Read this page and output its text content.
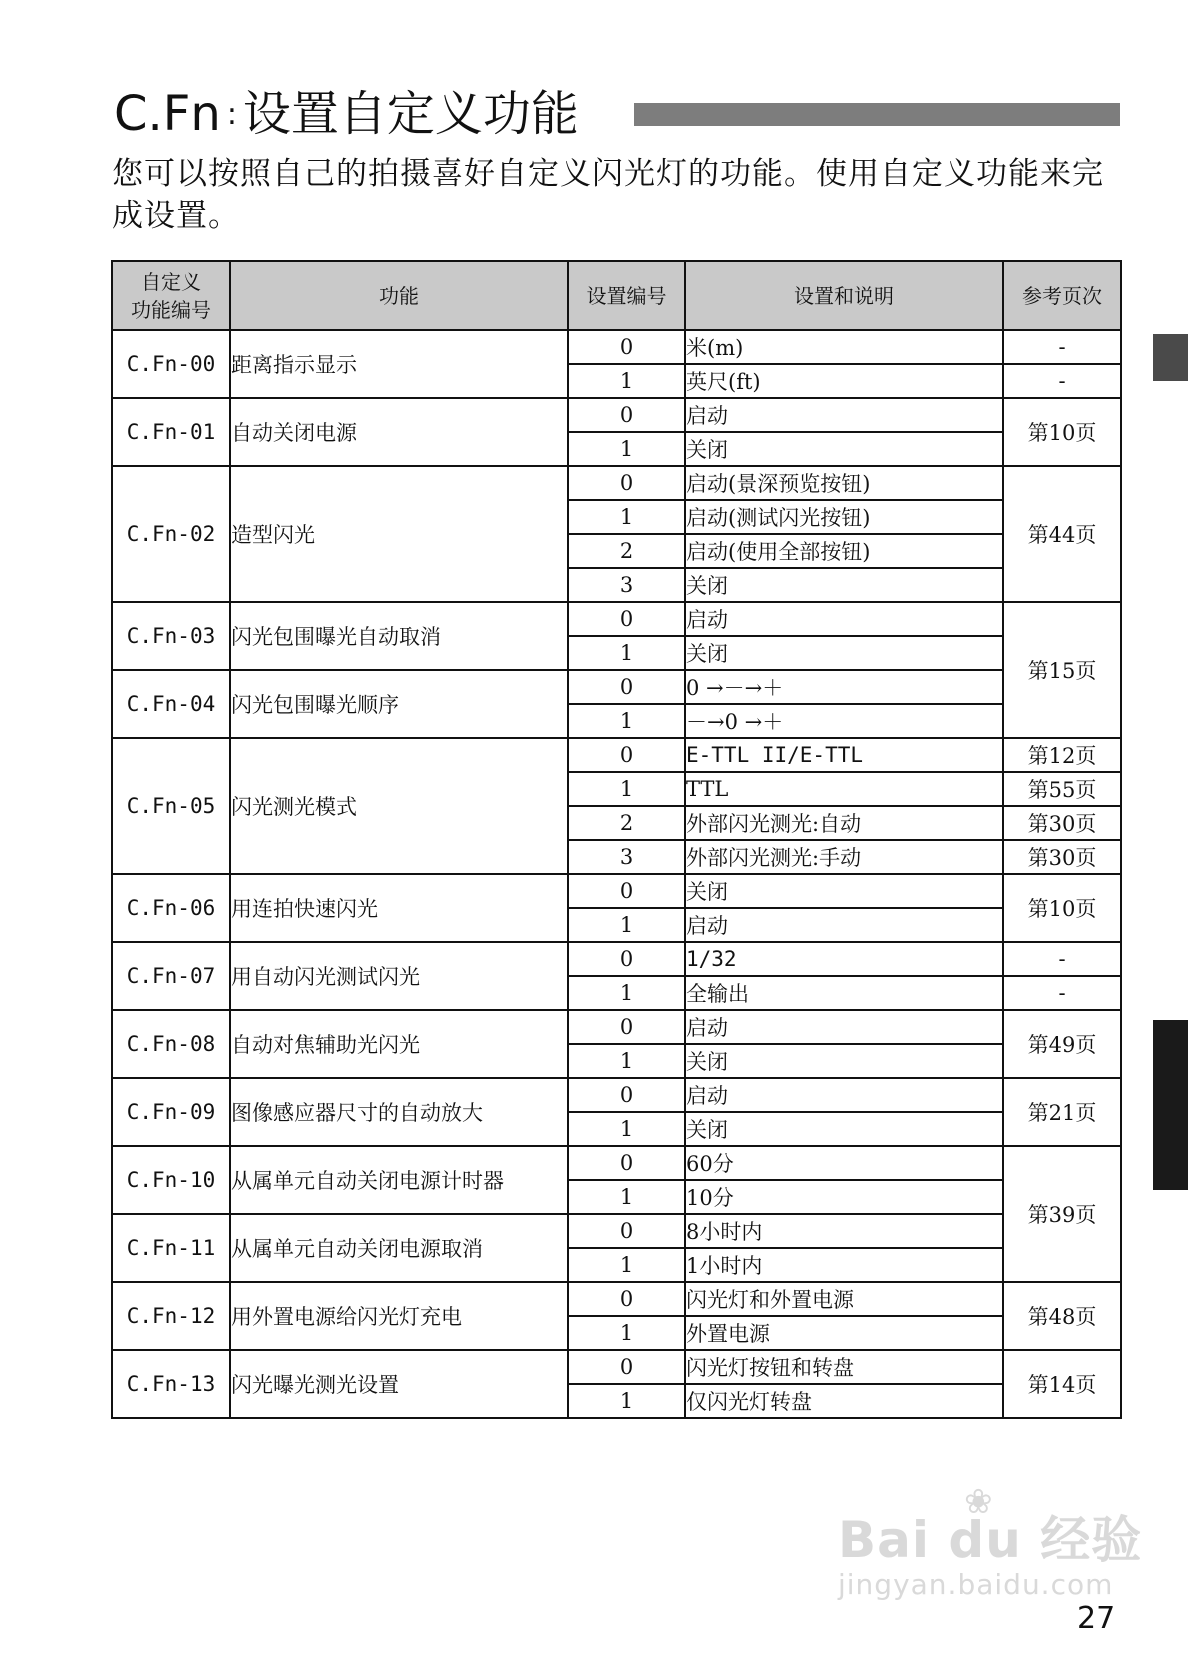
C.Fn : 设置自定义功能
您可以按照自己的拍摄喜好自定义闪光灯的功能。使用自定义功能来完成设置。
自定义
功能编号	功能	设置编号	设置和说明	参考页次
C.Fn-00	距离指示显示	0	米(m)	-
		1	英尺(ft)	-
C.Fn-01	自动关闭电源	0	启动	第10页
		1	关闭	
C.Fn-02	造型闪光	0	启动(景深预览按钮)	第44页
		1	启动(测试闪光按钮)	
		2	启动(使用全部按钮)	
		3	关闭	
C.Fn-03	闪光包围曝光自动取消	0	启动	第15页
		1	关闭	
C.Fn-04	闪光包围曝光顺序	0	0 →－→＋	
		1	－→0 →＋	
C.Fn-05	闪光测光模式	0	E-TTL II/E-TTL	第12页
		1	TTL	第55页
		2	外部闪光测光:自动	第30页
		3	外部闪光测光:手动	第30页
C.Fn-06	用连拍快速闪光	0	关闭	第10页
		1	启动	
C.Fn-07	用自动闪光测试闪光	0	1/32	-
		1	全输出	-
C.Fn-08	自动对焦辅助光闪光	0	启动	第49页
		1	关闭	
C.Fn-09	图像感应器尺寸的自动放大	0	启动	第21页
		1	关闭	
C.Fn-10	从属单元自动关闭电源计时器	0	60分	第39页
		1	10分	
C.Fn-11	从属单元自动关闭电源取消	0	8小时内	
		1	1小时内	
C.Fn-12	用外置电源给闪光灯充电	0	闪光灯和外置电源	第48页
		1	外置电源	
C.Fn-13	闪光曝光测光设置	0	闪光灯按钮和转盘	第14页
		1	仅闪光灯转盘	
❀
Bai du 经验
jingyan.baidu.com
27
